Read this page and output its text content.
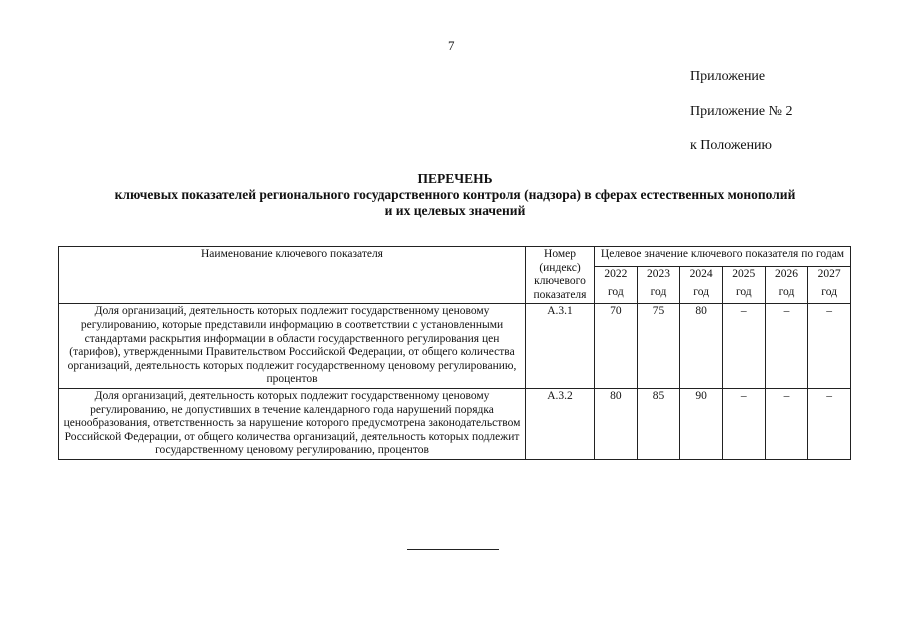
7
Приложение
Приложение № 2
к Положению
ПЕРЕЧЕНЬ
ключевых показателей регионального государственного контроля (надзора) в сферах естественных монополий
и их целевых значений
Наименование ключевого показателя	Номер (индекс) ключевого показателя	Целевое значение ключевого показателя по годам					
		2022	2023	2024	2025	2026	2027
		год	год	год	год	год	год
Доля организаций, деятельность которых подлежит государственному ценовому регулированию, которые представили информацию в соответствии с установленными стандартами раскрытия информации в области государственного регулирования цен (тарифов), утвержденными Правительством Российской Федерации, от общего количества организаций, деятельность которых подлежит государственному ценовому регулированию, процентов	А.3.1	70	75	80	–	–	–
Доля организаций, деятельность которых подлежит государственному ценовому регулированию, не допустивших в течение календарного года нарушений порядка ценообразования, ответственность за нарушение которого предусмотрена законодательством Российской Федерации, от общего количества организаций, деятельность которых подлежит государственному ценовому регулированию, процентов	А.3.2	80	85	90	–	–	–
